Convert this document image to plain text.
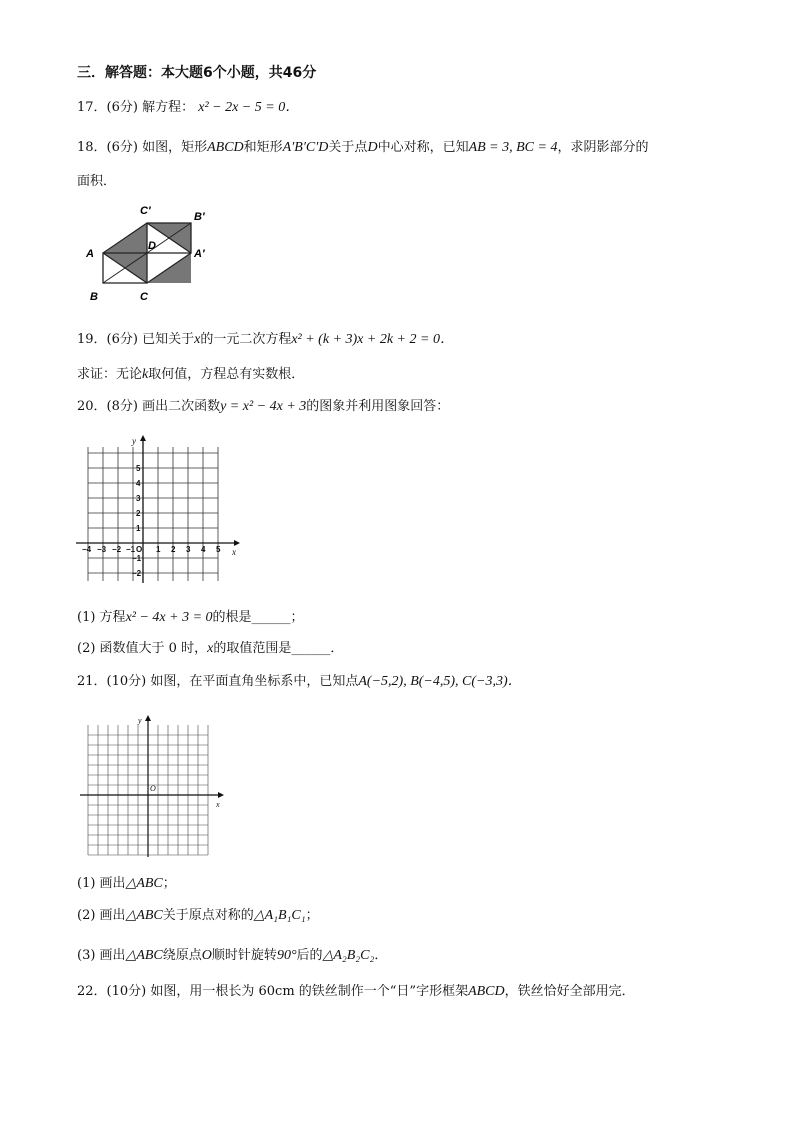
三．解答题：本大题6个小题，共46分
17．(6分) 解方程： x² − 2x − 5 = 0．
18．(6分) 如图，矩形ABCD和矩形A′B′C′D关于点D中心对称，已知AB = 3, BC = 4，求阴影部分的
面积．
C′	B′
D
A	A′
B	C
19．(6分) 已知关于x的一元二次方程x² + (k + 3)x + 2k + 2 = 0．
求证：无论k取何值，方程总有实数根．
20．(8分) 画出二次函数y = x² − 4x + 3的图象并利用图象回答：
x
y
−4 −3 −2 −1 O 1 2 3 4 5
5
4
3
2
1
−1
−2
(1) 方程x² − 4x + 3 = 0的根是______；
(2) 函数值大于 0 时，x的取值范围是______．
21．(10分) 如图，在平面直角坐标系中，已知点A(−5,2), B(−4,5), C(−3,3)．
x
y
O
(1) 画出△ABC；
(2) 画出△ABC关于原点对称的△A₁B₁C₁；
(3) 画出△ABC绕原点O顺时针旋转90°后的△A₂B₂C₂．
22．(10分) 如图，用一根长为 60cm 的铁丝制作一个“日”字形框架ABCD，铁丝恰好全部用完．
